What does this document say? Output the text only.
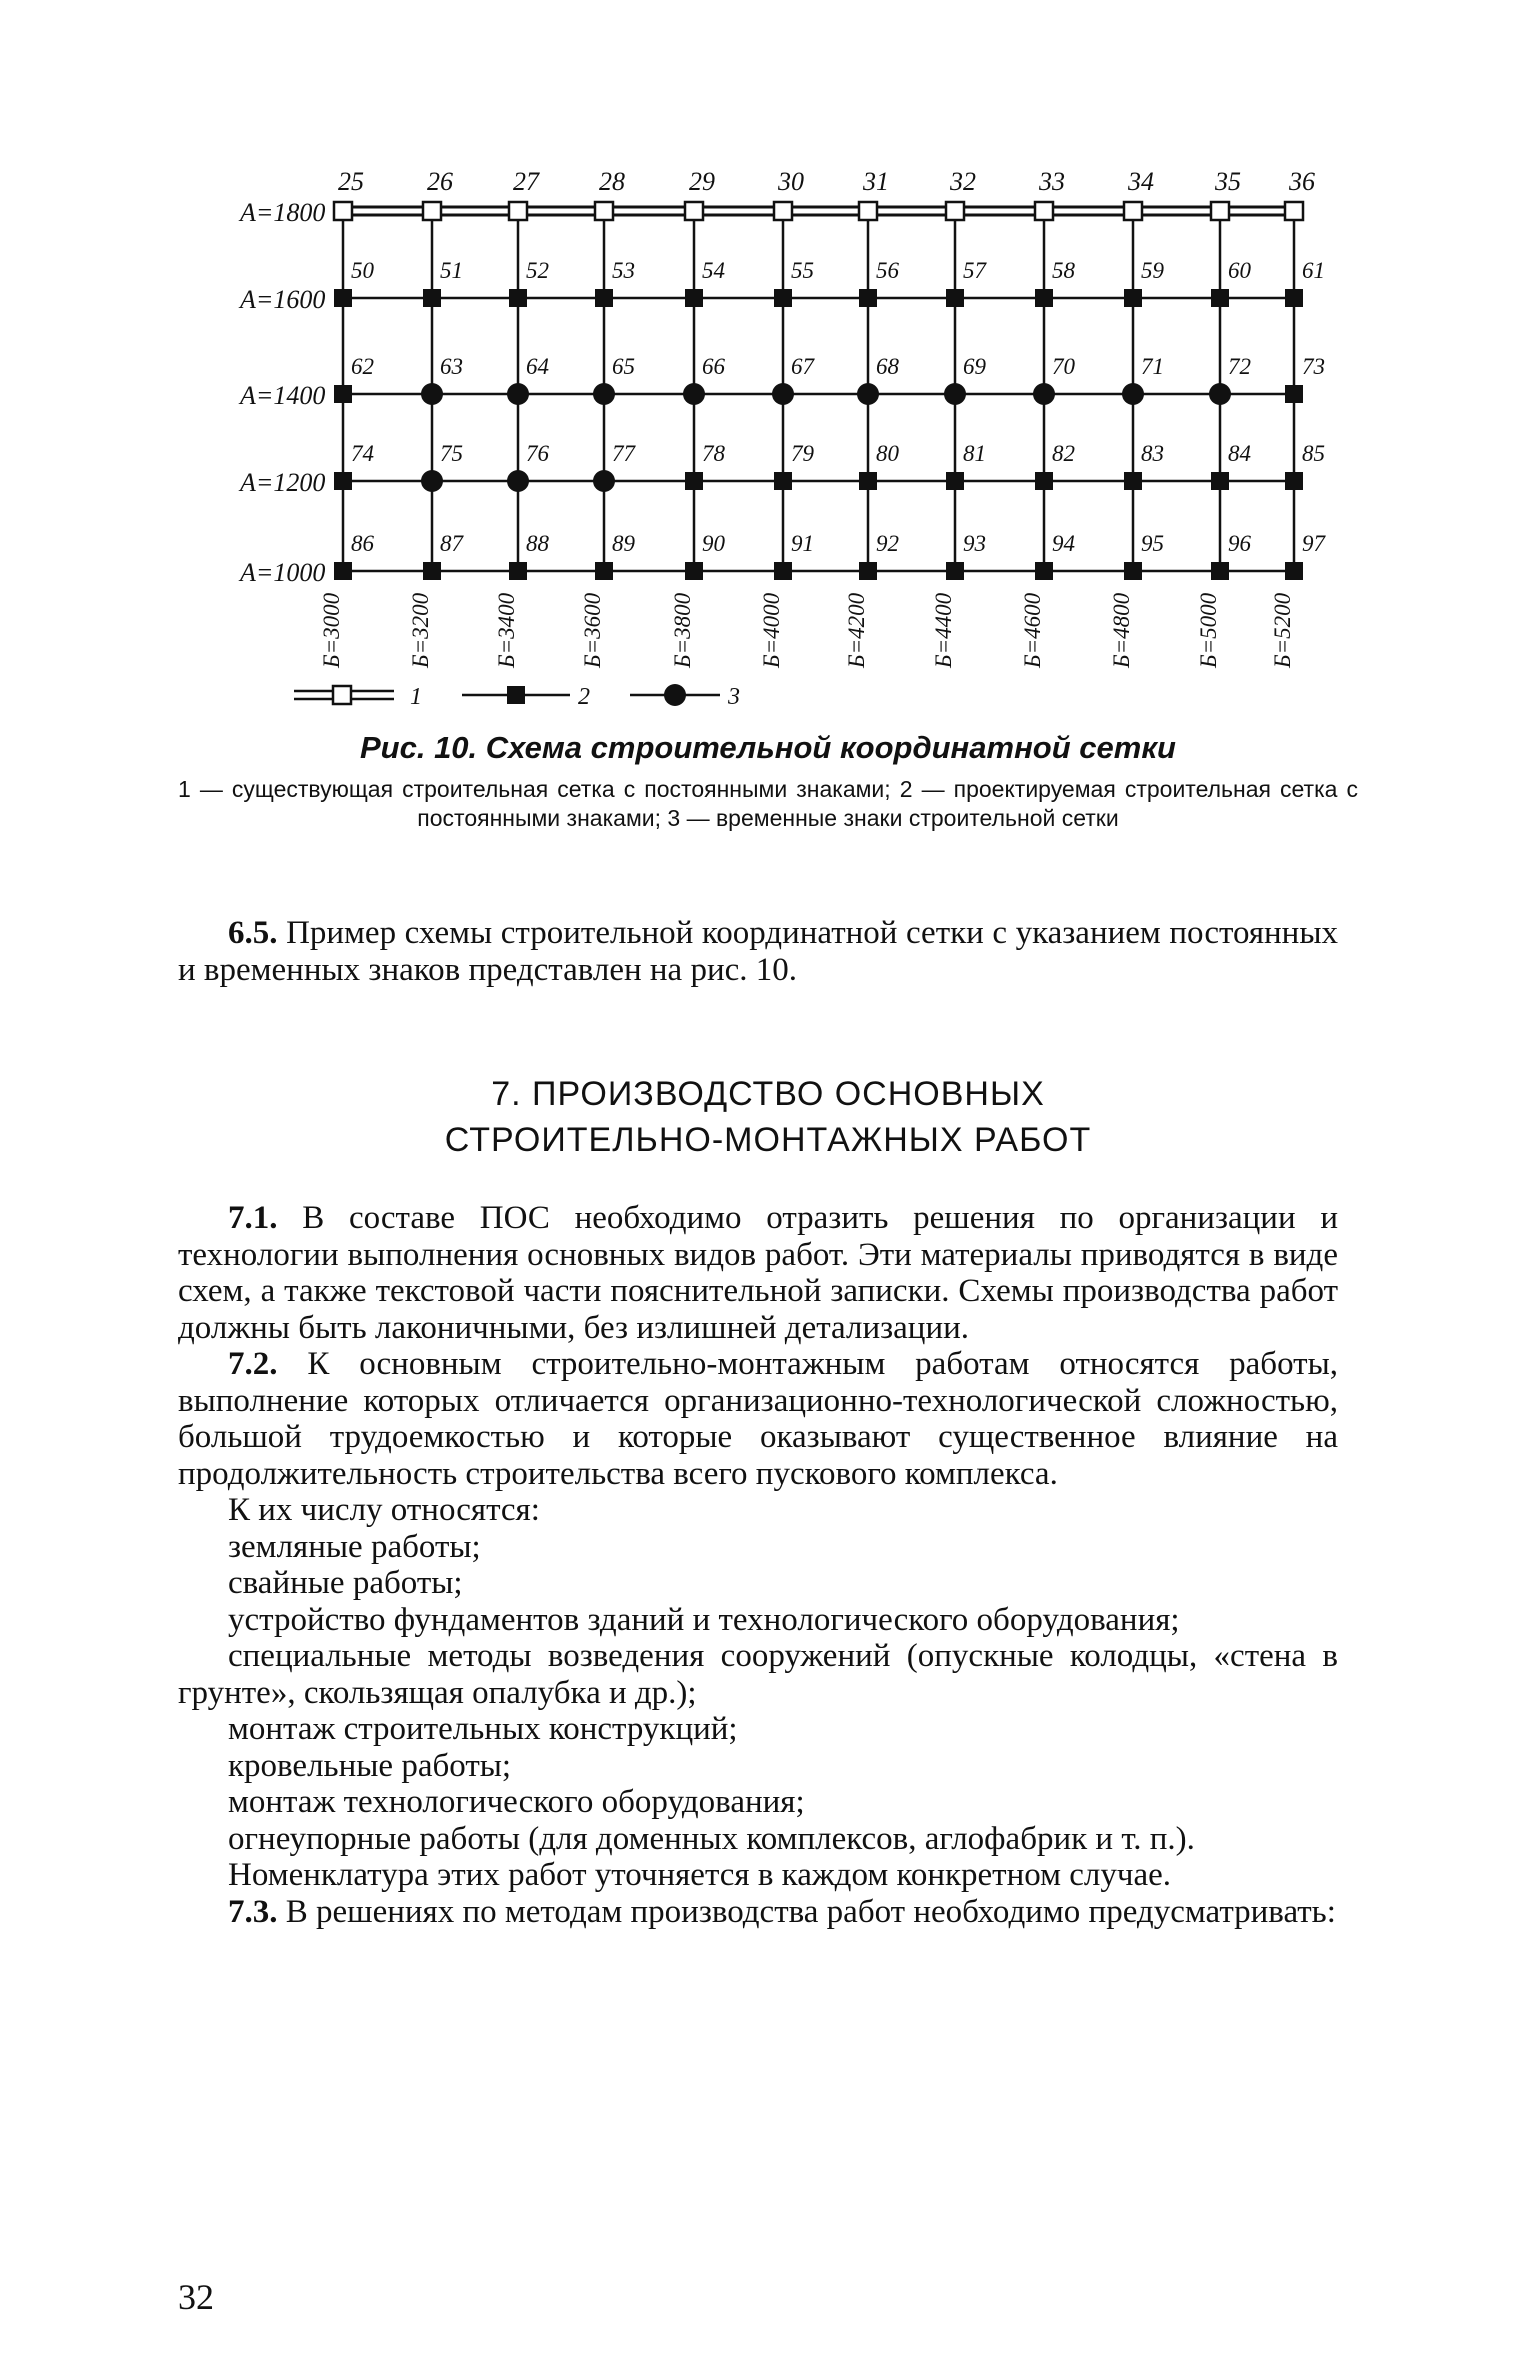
А=1800
А=1600
А=1400
А=1200
А=1000
25 26 27 28 29 30 31 32 33 34 35 36
50	51	52	53	54	55	56	57	58	59	60 61
62	63	64	65	66	67	68	69	70	71	72 73
74	75	76	77	78	79	80	81	82	83	84 85
86	87	88	89	90	91	92	93	94	95	96 97
Б=3000	Б=3200	Б=3400	Б=3600	Б=3800	Б=4000	Б=4200	Б=4400	Б=4600	Б=4800	Б=5000 Б=5200
1	2	3
Рис. 10. Схема строительной координатной сетки
1 — существующая строительная сетка с постоянными знаками; 2 — проектируемая строительная сетка с постоянными знаками; 3 — временные знаки строительной сетки

6.5. Пример схемы строительной координатной сетки с указанием постоянных и временных знаков представлен на рис. 10.

7. ПРОИЗВОДСТВО ОСНОВНЫХ
СТРОИТЕЛЬНО-МОНТАЖНЫХ РАБОТ

7.1. В составе ПОС необходимо отразить решения по организации и технологии выполнения основных видов работ. Эти материалы приводятся в виде схем, а также текстовой части пояснительной записки. Схемы производства работ должны быть лаконичными, без излишней детализации.

7.2. К основным строительно-монтажным работам относятся работы, выполнение которых отличается организационно-технологической сложностью, большой трудоемкостью и которые оказывают существенное влияние на продолжительность строительства всего пускового комплекса.

К их числу относятся:

земляные работы;

свайные работы;

устройство фундаментов зданий и технологического оборудования;

специальные методы возведения сооружений (опускные колодцы, «стена в грунте», скользящая опалубка и др.);

монтаж строительных конструкций;

кровельные работы;

монтаж технологического оборудования;

огнеупорные работы (для доменных комплексов, аглофабрик и т. п.).

Номенклатура этих работ уточняется в каждом конкретном случае.

7.3. В решениях по методам производства работ необходимо предусматривать:

32
